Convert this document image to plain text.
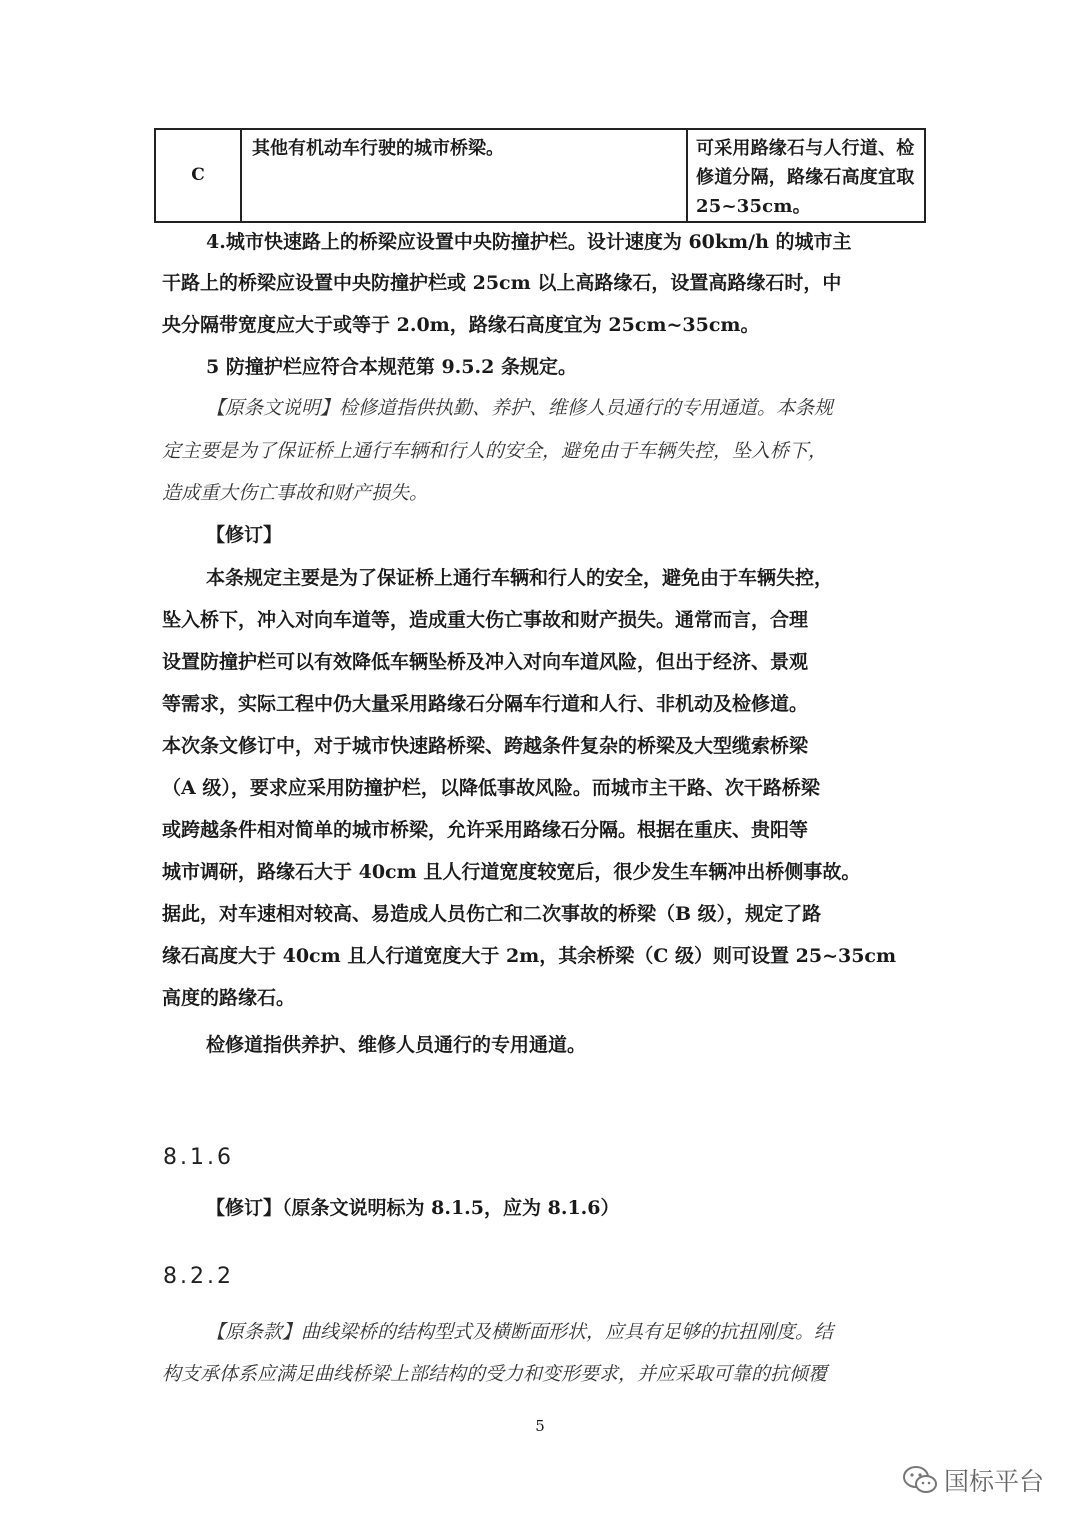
C	其他有机动车行驶的城市桥梁。	可采用路缘石与人行道、检
修道分隔，路缘石高度宜取
25~35cm。
4.城市快速路上的桥梁应设置中央防撞护栏。设计速度为 60km/h 的城市主
干路上的桥梁应设置中央防撞护栏或 25cm 以上高路缘石，设置高路缘石时，中
央分隔带宽度应大于或等于 2.0m，路缘石高度宜为 25cm~35cm。
5 防撞护栏应符合本规范第 9.5.2 条规定。
【原条文说明】检修道指供执勤、养护、维修人员通行的专用通道。本条规
定主要是为了保证桥上通行车辆和行人的安全，避免由于车辆失控，坠入桥下，
造成重大伤亡事故和财产损失。
【修订】
本条规定主要是为了保证桥上通行车辆和行人的安全，避免由于车辆失控，
坠入桥下，冲入对向车道等，造成重大伤亡事故和财产损失。通常而言，合理
设置防撞护栏可以有效降低车辆坠桥及冲入对向车道风险，但出于经济、景观
等需求，实际工程中仍大量采用路缘石分隔车行道和人行、非机动及检修道。
本次条文修订中，对于城市快速路桥梁、跨越条件复杂的桥梁及大型缆索桥梁
（A 级），要求应采用防撞护栏，以降低事故风险。而城市主干路、次干路桥梁
或跨越条件相对简单的城市桥梁，允许采用路缘石分隔。根据在重庆、贵阳等
城市调研，路缘石大于 40cm 且人行道宽度较宽后，很少发生车辆冲出桥侧事故。
据此，对车速相对较高、易造成人员伤亡和二次事故的桥梁（B 级），规定了路
缘石高度大于 40cm 且人行道宽度大于 2m，其余桥梁（C 级）则可设置 25~35cm
高度的路缘石。
检修道指供养护、维修人员通行的专用通道。
8.1.6
【修订】（原条文说明标为 8.1.5，应为 8.1.6）
8.2.2
【原条款】曲线梁桥的结构型式及横断面形状，应具有足够的抗扭刚度。结
构支承体系应满足曲线桥梁上部结构的受力和变形要求，并应采取可靠的抗倾覆
5
国标平台
